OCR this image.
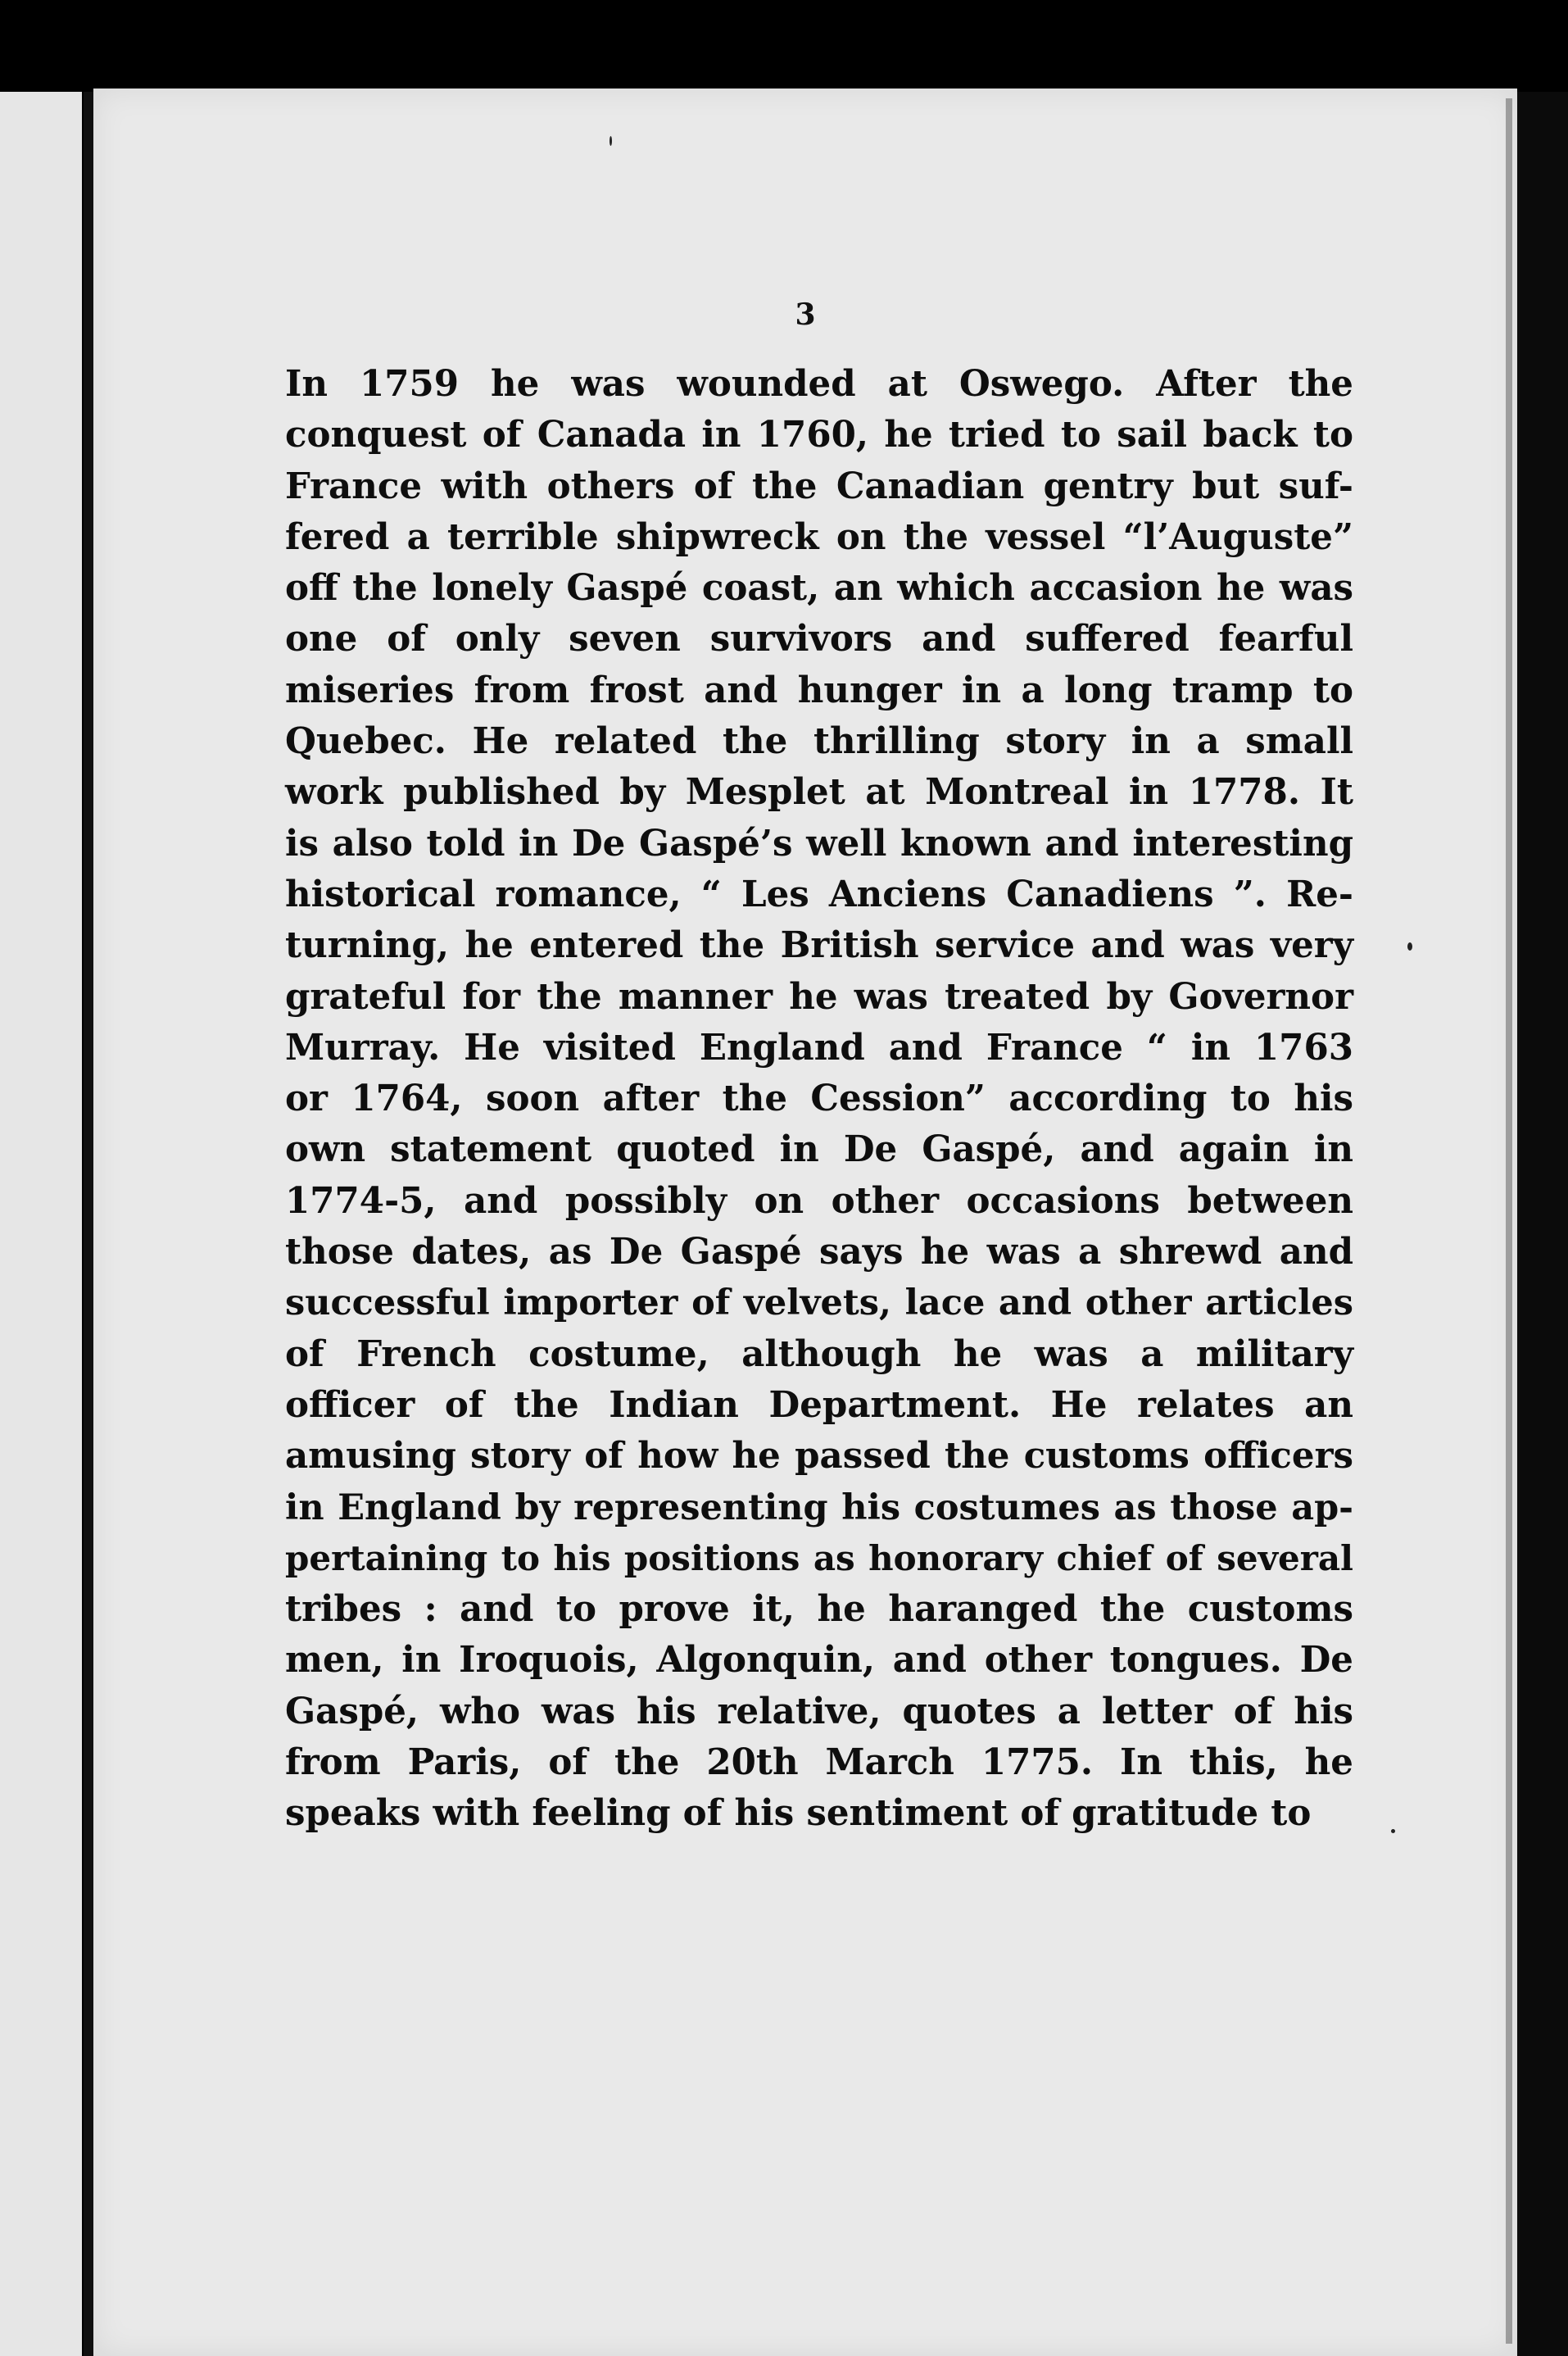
3
In 1759 he was wounded at Oswego. After the
conquest of Canada in 1760, he tried to sail back to
France with others of the Canadian gentry but suf-
fered a terrible shipwreck on the vessel “l’Auguste”
off the lonely Gaspé coast, an which accasion he was
one of only seven survivors and suffered fearful
miseries from frost and hunger in a long tramp to
Quebec. He related the thrilling story in a small
work published by Mesplet at Montreal in 1778. It
is also told in De Gaspé’s well known and interesting
historical romance, “ Les Anciens Canadiens ”. Re-
turning, he entered the British service and was very
grateful for the manner he was treated by Governor
Murray. He visited England and France “ in 1763
or 1764, soon after the Cession” according to his
own statement quoted in De Gaspé, and again in
1774-5, and possibly on other occasions between
those dates, as De Gaspé says he was a shrewd and
successful importer of velvets, lace and other articles
of French costume, although he was a military
officer of the Indian Department. He relates an
amusing story of how he passed the customs officers
in England by representing his costumes as those ap-
pertaining to his positions as honorary chief of several
tribes : and to prove it, he haranged the customs
men, in Iroquois, Algonquin, and other tongues. De
Gaspé, who was his relative, quotes a letter of his
from Paris, of the 20th March 1775. In this, he
speaks with feeling of his sentiment of gratitude to
